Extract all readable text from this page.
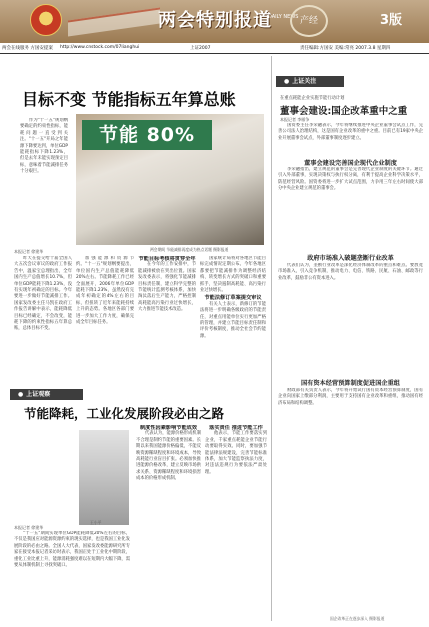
两会特别报道
DAILY NEWS 产经	3版
两会在线服务 方国安提案 http://www.cnstock.com/07lianghui	上证2007	责任编辑:方国安 美编:常亮 2007.3.8 星期四
目标不变 节能指标五年算总账

作为"十一五"规划纲要确定的约束性指标，能耗问题一直受到关注。"十一五"开局之年能源下降要达到，单位GDP能耗指标下降1.23%，但是去年未能实现预定目标，意味着节能减排任务十分艰巨。

节能 80%
两会期间 节能减排再度成为热点话题 摄影报道
本报记者 徐建华

昨天在提交给十届全国人大五次会议审议的政府工作报告中，温家宝总理指出，全年国内生产总值增长10.7%，但单位GDP能耗下降1.23%，没有实现年初确定的目标。今年要进一步做好节能减排工作。国家发改委主任马凯在政府工作报告讲解中表示，能耗降低目标已经确定，不会改变，能耗下降的约束性指标五年算总账，总体目标不变。

加强能源和资源节约。"十一五"规划纲要提出，单位国内生产总值能耗降低20%左右。节能降耗工作已经全面展开，2006年单位GDP能耗下降1.23%，虽然没有完成年初确定的4%左右的目标，但扭转了近年来能耗持续上升的态势。各地区各部门要进一步加大工作力度，确保完成全年目标任务。

节能目标考核将贯穿全年

在今年的工作安排中，节能减排被放在突出位置。国家发改委表示，将强化节能减排目标责任制，建立科学完整的节能统计监测考核体系，加快淘汰落后生产能力，严格控制高耗能高污染行业过快增长，大力推进节能技术改造。

国家统计局将对各地区节能目标完成情况定期公布。今年各地区都要把节能减排作为调整经济结构、转变增长方式的突破口和重要抓手，坚决遏制高耗能、高污染行业过快增长。

节能法修订草案提交审议

有关人士表示，新修订的节能法将进一步明确各级政府的节能责任，对重点用能单位实行更加严格的管理，并建立节能目标责任制和评价考核制度，推动全社会节约能源。

● 上证观察
节能降耗，工业化发展阶段必由之路
王小平
本报记者 徐建华

"十一五"期间实现单位GDP能耗降低20%左右的目标，不仅是我国应对能源资源约束的现实选择，也是我国工业化发展阶段的必由之路。全国人大代表、国家发改委能源研究所专家在接受本报记者采访时表示，我国正处于工业化中期阶段，重化工业比重上升，能源消耗强度难以在短期内大幅下降，需要从体制机制上寻找突破口。

制度性因素影响节能成效

代表认为，能源价格形成机制不合理是制约节能的重要因素。长期以来我国能源价格偏低，不能反映资源稀缺程度和环境成本，导致高耗能行业盲目扩张。必须加快推进能源价格改革，建立反映市场供求关系、资源稀缺程度和环境损害成本的价格形成机制。

落实责任 推进节能工作

他表示，节能工作要落实到企业，千家重点耗能企业节能行动要取得实效。同时，要加强节能法律法规建设，完善节能标准体系，加大节能监察执法力度，对违法违规行为要依法严肃处理。

● 上证关注
在重点耗能企业实施节能行动计划
董事会建设:国企改革重中之重
本报记者 李雁争

国资委主任李荣融表示，今年将继续推进中央企业董事会试点工作，完善公司法人治理结构，这是国有企业改革的重中之重。目前已有19家中央企业开展董事会试点，外部董事制度逐步建立。

董事会建设完善国企现代企业制度

李荣融指出，建立规范的董事会是完善现代企业制度的关键环节。通过引入外部董事，实现决策权与执行权分离，有利于提高企业科学决策水平，防范经营风险。国资委将进一步扩大试点范围，力争用三年左右时间使大部分中央企业建立规范的董事会。

政府市场准入破题垄断行业改革

代表们认为，垄断行业改革是深化经济体制改革的重点和难点。要放宽市场准入，引入竞争机制，推动电力、电信、铁路、民航、石油、邮政等行业改革，鼓励非公有资本进入。

国有资本经营预算制度促进国企重组

财政部有关负责人表示，今年将开始试行国有资本经营预算制度，国有企业向国家上缴部分利润，主要用于支持国有企业改革和重组，推动国有经济布局和结构调整。

国企改革正在逐步深入 摄影报道
